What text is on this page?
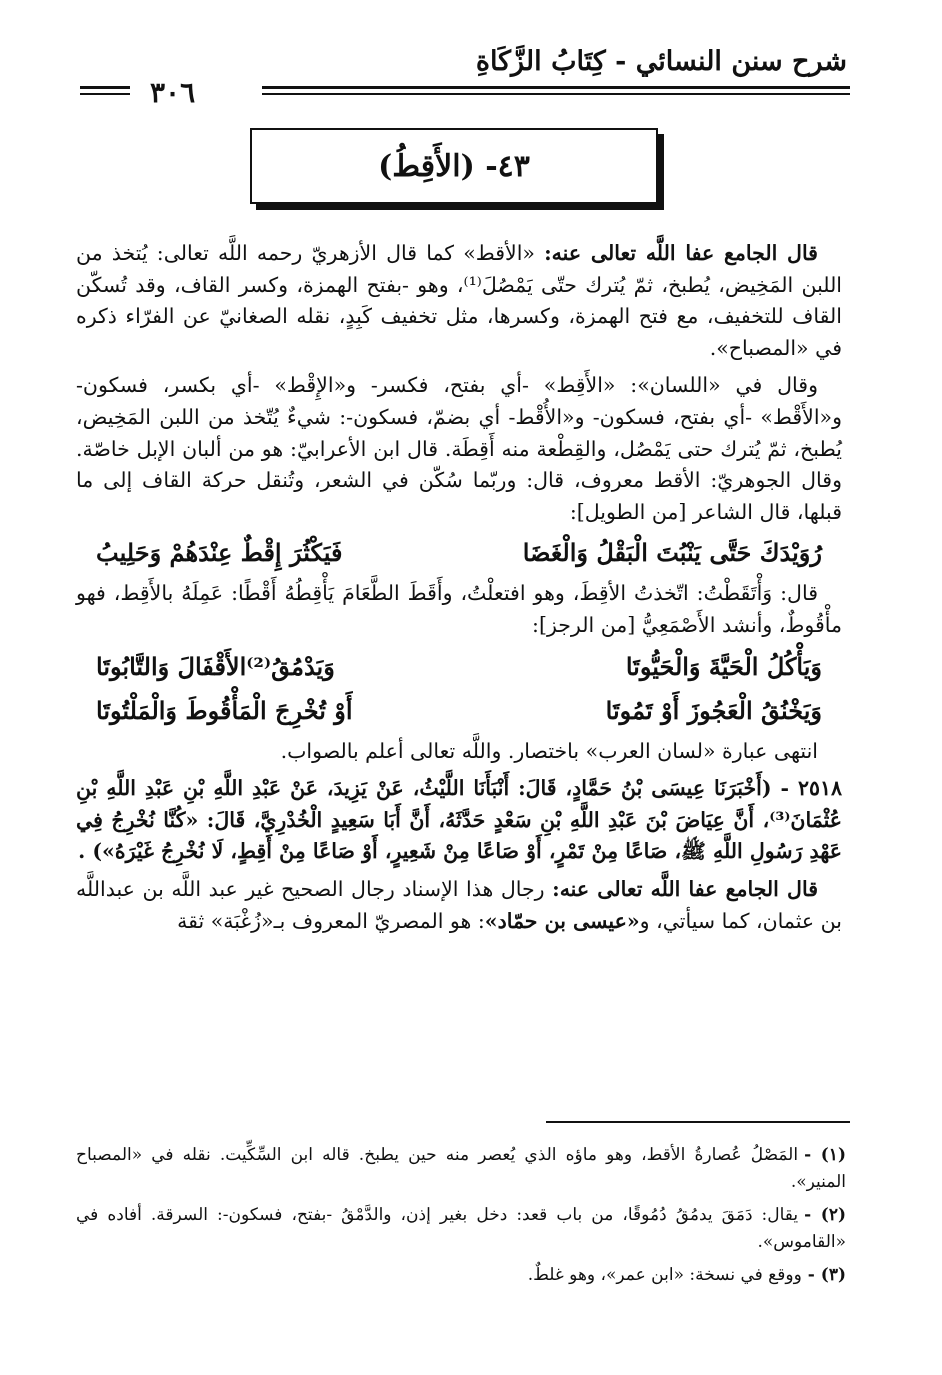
شرح سنن النسائي - كِتَابُ الزَّكَاةِ
٣٠٦
٤٣- (الأَقِطُ)

قال الجامع عفا اللَّه تعالى عنه: «الأقط» كما قال الأزهريّ رحمه اللَّه تعالى: يُتخذ من اللبن المَخِيض، يُطبخ، ثمّ يُترك حتّى يَمْصُلَ⁽¹⁾، وهو -بفتح الهمزة، وكسر القاف، وقد تُسكّن القاف للتخفيف، مع فتح الهمزة، وكسرها، مثل تخفيف كَبِدٍ، نقله الصغانيّ عن الفرّاء ذكره في «المصباح».

وقال في «اللسان»: «الأَقِط» -أي بفتح، فكسر- و«الإِقْط» -أي بكسر، فسكون- و«الأَقْط» -أي بفتح، فسكون- و«الأُقْط- أي بضمّ، فسكون-: شيءٌ يُتّخذ من اللبن المَخِيض، يُطبخ، ثمّ يُترك حتى يَمْصُل، والقِطْعة منه أَقِطَة. قال ابن الأعرابيّ: هو من ألبان الإبل خاصّة. وقال الجوهريّ: الأقط معروف، قال: وربّما سُكّن في الشعر، وتُنقل حركة القاف إلى ما قبلها، قال الشاعر [من الطويل]:

رُوَيْدَكَ حَتَّى يَنْبُتَ الْبَقْلُ وَالْغَضَا
فَيَكْثُرَ إِقْطٌ عِنْدَهُمْ وَحَلِيبُ

قال: وَأْتَقَطْتُ: اتّخذتُ الأقِطَ، وهو افتعلْتُ، وأَقَطَ الطَّعَامَ يَأْقِطُهُ أَقْطًا: عَمِلَهُ بالأَقِط، فهو مأْقُوطٌ، وأنشد الأَصْمَعِيُّ [من الرجز]:

وَيَأْكُلُ الْحَيَّةَ وَالْحَيُّوتَا
وَيَدْمُقُ⁽²⁾الأَقْفَالَ وَالتَّابُوتَا
وَيَخْنُقُ الْعَجُوزَ أَوْ تَمُوتَا
أَوْ تُخْرِجَ الْمَأْقُوطَ وَالْمَلْتُوتَا

انتهى عبارة «لسان العرب» باختصار. واللَّه تعالى أعلم بالصواب.

٢٥١٨ - (أَخْبَرَنَا عِيسَى بْنُ حَمَّادٍ، قَالَ: أَنْبَأَنَا اللَّيْثُ، عَنْ يَزِيدَ، عَنْ عَبْدِ اللَّهِ بْنِ عَبْدِ اللَّهِ بْنِ عُثْمَانَ⁽³⁾، أَنَّ عِيَاضَ بْنَ عَبْدِ اللَّهِ بْنِ سَعْدٍ حَدَّثَهُ، أَنَّ أَبَا سَعِيدٍ الْخُدْرِيَّ، قَالَ: «كُنَّا نُخْرِجُ فِي عَهْدِ رَسُولِ اللَّهِ ﷺ، صَاعًا مِنْ تَمْرٍ، أَوْ صَاعًا مِنْ شَعِيرٍ، أَوْ صَاعًا مِنْ أَقِطٍ، لَا نُخْرِجُ غَيْرَهُ») .

قال الجامع عفا اللَّه تعالى عنه: رجال هذا الإسناد رجال الصحيح غير عبد اللَّه بن عبداللَّه بن عثمان، كما سيأتي، و«عيسى بن حمّاد»: هو المصريّ المعروف بـ«زُغْبَة» ثقة

(١) -المَصْلُ عُصارةُ الأقط، وهو ماؤه الذي يُعصر منه حين يطبخ. قاله ابن السِّكِّيت. نقله في «المصباح المنير».

(٢) -يقال: دَمَقَ يدمُقُ دُمُوقًا، من باب قعد: دخل بغير إذن، والدَّمْقُ -بفتح، فسكون-: السرقة. أفاده في «القاموس».

(٣) -ووقع في نسخة: «ابن عمر»، وهو غلطٌ.
